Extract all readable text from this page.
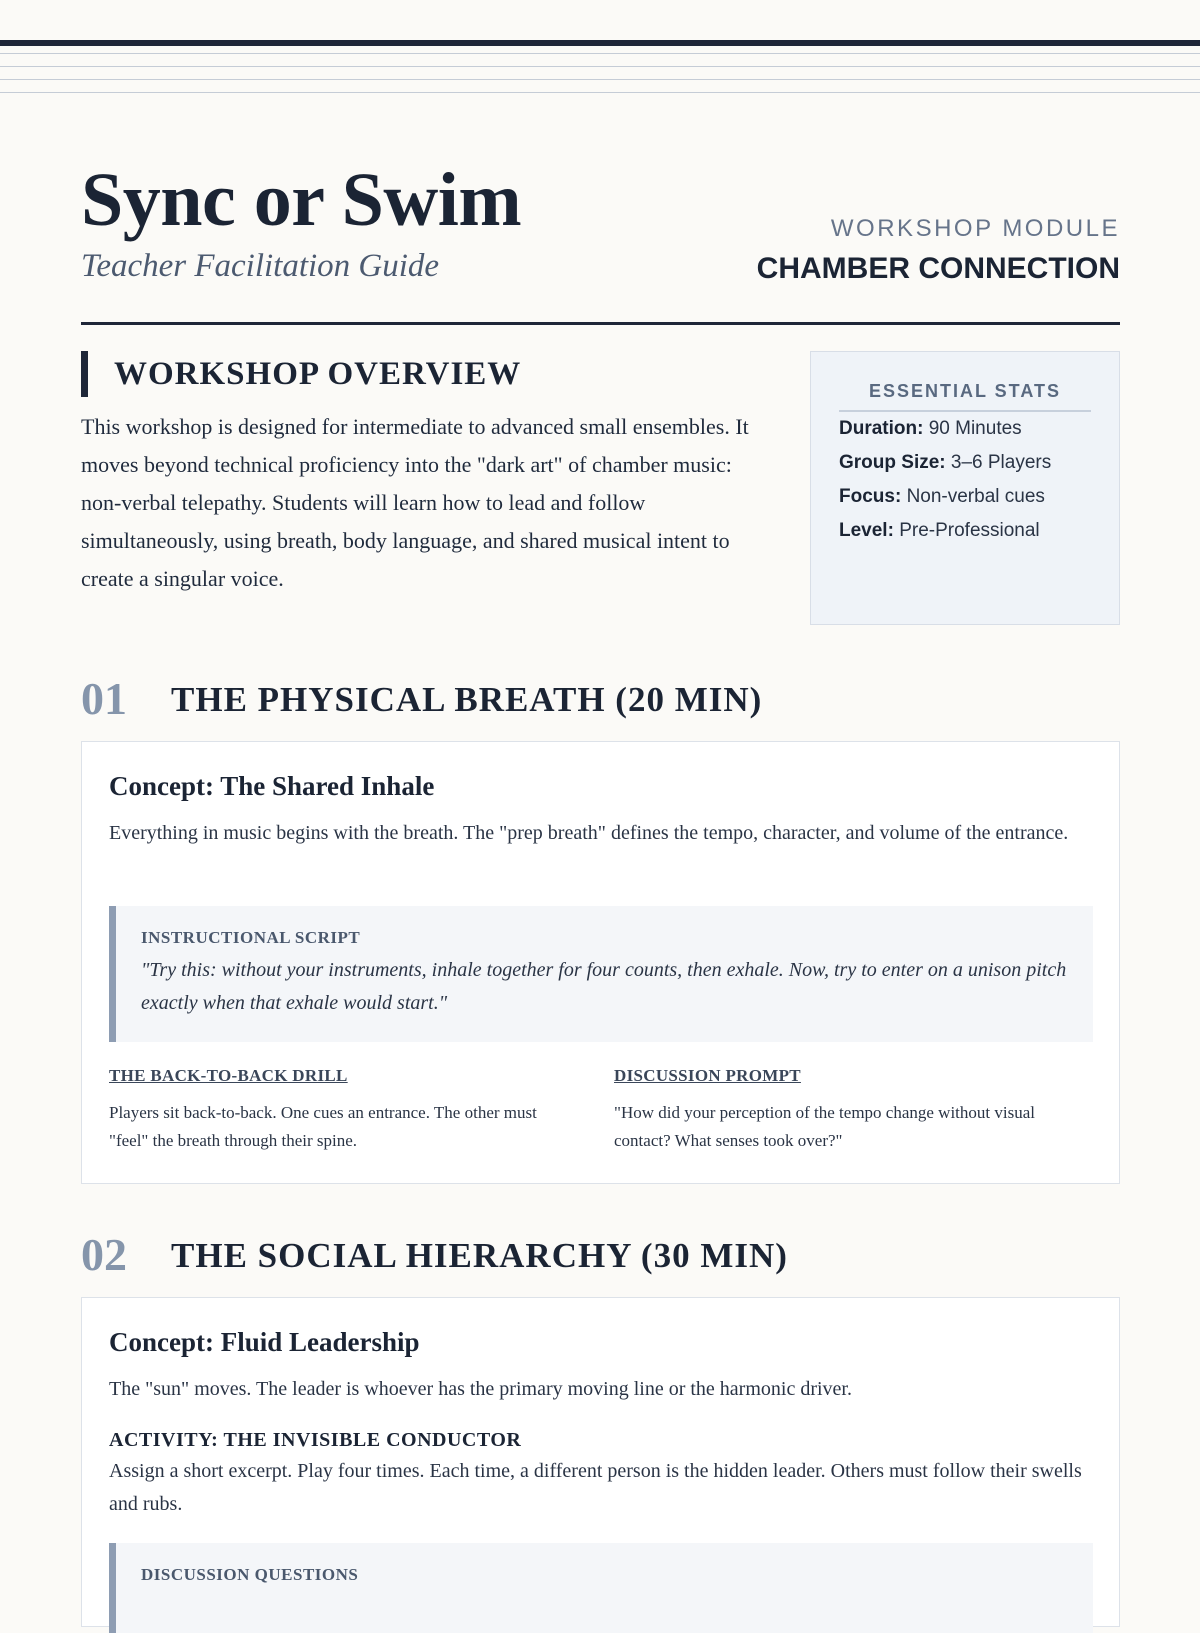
Sync or Swim
Teacher Facilitation Guide
WORKSHOP MODULE
CHAMBER CONNECTION
WORKSHOP OVERVIEW
This workshop is designed for intermediate to advanced small ensembles. It moves beyond technical proficiency into the "dark art" of chamber music: non-verbal telepathy. Students will learn how to lead and follow simultaneously, using breath, body language, and shared musical intent to create a singular voice.
ESSENTIAL STATS
Duration: 90 Minutes
Group Size: 3–6 Players
Focus: Non-verbal cues
Level: Pre-Professional
01 THE PHYSICAL BREATH (20 MIN)
Concept: The Shared Inhale
Everything in music begins with the breath. The "prep breath" defines the tempo, character, and volume of the entrance.
INSTRUCTIONAL SCRIPT
"Try this: without your instruments, inhale together for four counts, then exhale. Now, try to enter on a unison pitch exactly when that exhale would start."
THE BACK-TO-BACK DRILL
Players sit back-to-back. One cues an entrance. The other must "feel" the breath through their spine.
DISCUSSION PROMPT
"How did your perception of the tempo change without visual contact? What senses took over?"
02 THE SOCIAL HIERARCHY (30 MIN)
Concept: Fluid Leadership
The "sun" moves. The leader is whoever has the primary moving line or the harmonic driver.
ACTIVITY: THE INVISIBLE CONDUCTOR
Assign a short excerpt. Play four times. Each time, a different person is the hidden leader. Others must follow their swells and rubs.
DISCUSSION QUESTIONS
